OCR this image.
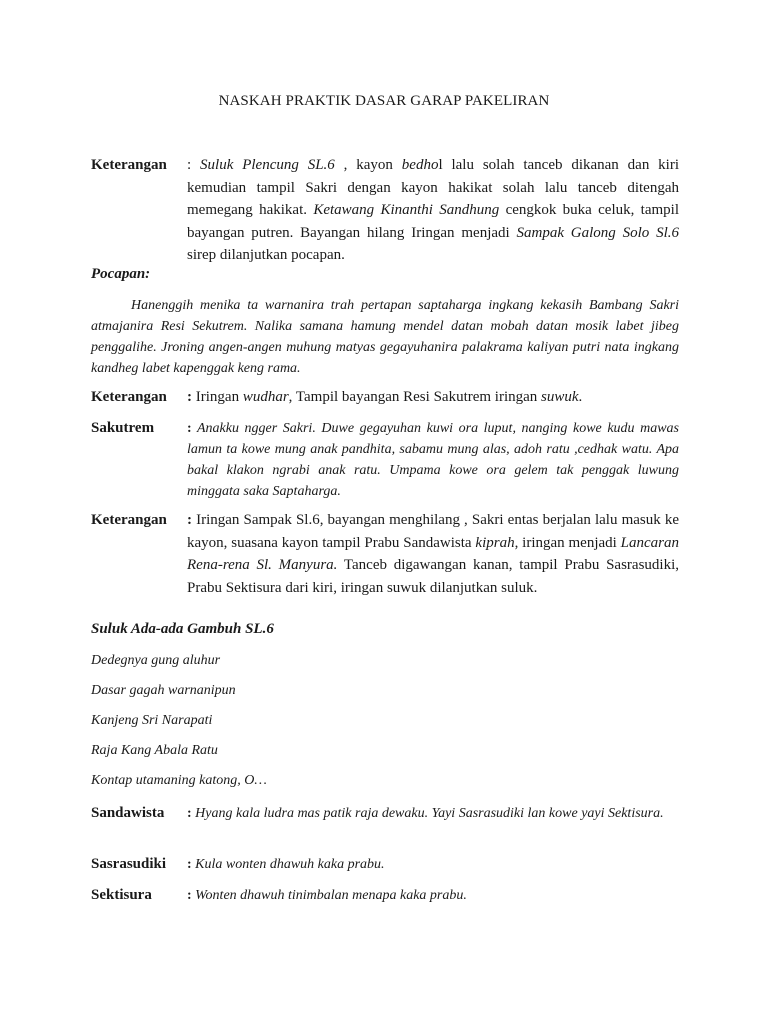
NASKAH PRAKTIK DASAR GARAP PAKELIRAN
Keterangan : Suluk Plencung SL.6 , kayon bedhol lalu solah tanceb dikanan dan kiri kemudian tampil Sakri dengan kayon hakikat solah lalu tanceb ditengah memegang hakikat. Ketawang Kinanthi Sandhung cengkok buka celuk, tampil bayangan putren. Bayangan hilang Iringan menjadi Sampak Galong Solo Sl.6 sirep dilanjutkan pocapan.
Pocapan:
Hanenggih menika ta warnanira trah pertapan saptaharga ingkang kekasih Bambang Sakri atmajanira Resi Sekutrem. Nalika samana hamung mendel datan mobah datan mosik labet jibeg penggalihe. Jroning angen-angen muhung matyas gegayuhanira palakrama kaliyan putri nata ingkang kandheg labet kapenggak keng rama.
Keterangan : Iringan wudhar, Tampil bayangan Resi Sakutrem iringan suwuk.
Sakutrem : Anakku ngger Sakri. Duwe gegayuhan kuwi ora luput, nanging kowe kudu mawas lamun ta kowe mung anak pandhita, sabamu mung alas, adoh ratu ,cedhak watu. Apa bakal klakon ngrabi anak ratu. Umpama kowe ora gelem tak penggak luwung minggata saka Saptaharga.
Keterangan : Iringan Sampak Sl.6, bayangan menghilang , Sakri entas berjalan lalu masuk ke kayon, suasana kayon tampil Prabu Sandawista kiprah, iringan menjadi Lancaran Rena-rena Sl. Manyura. Tanceb digawangan kanan, tampil Prabu Sasrasudiki, Prabu Sektisura dari kiri, iringan suwuk dilanjutkan suluk.
Suluk Ada-ada Gambuh SL.6
Dedegnya gung aluhur
Dasar gagah warnanipun
Kanjeng Sri Narapati
Raja Kang Abala Ratu
Kontap utamaning katong, O…
Sandawista : Hyang kala ludra mas patik raja dewaku. Yayi Sasrasudiki lan kowe yayi Sektisura.
Sasrasudiki : Kula wonten dhawuh kaka prabu.
Sektisura	: Wonten dhawuh tinimbalan menapa kaka prabu.
